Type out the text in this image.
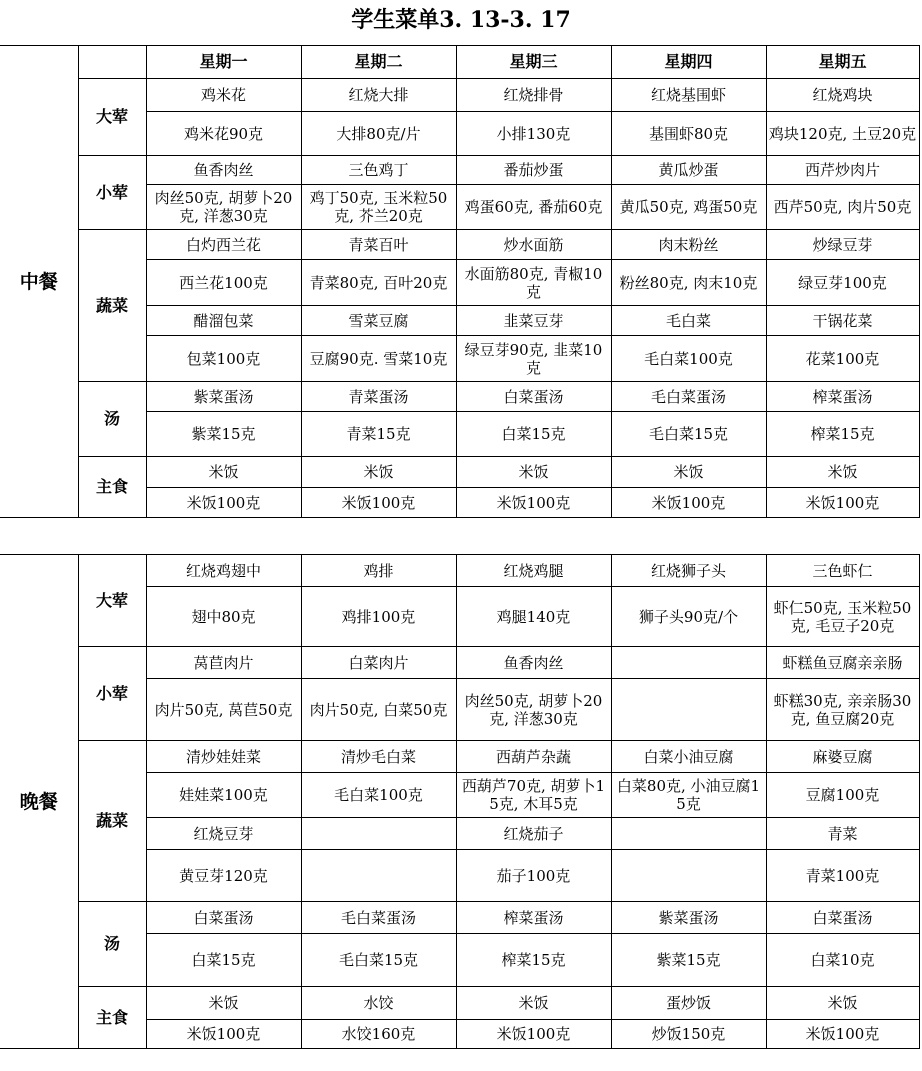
学生菜单3. 13-3. 17
中餐		星期一	星期二	星期三	星期四	星期五
	大荤	鸡米花	红烧大排	红烧排骨	红烧基围虾	红烧鸡块
		鸡米花90克	大排80克/片	小排130克	基围虾80克	鸡块120克, 土豆20克
	小荤	鱼香肉丝	三色鸡丁	番茄炒蛋	黄瓜炒蛋	西芹炒肉片
		肉丝50克, 胡萝卜20克, 洋葱30克	鸡丁50克, 玉米粒50克, 芥兰20克	鸡蛋60克, 番茄60克	黄瓜50克, 鸡蛋50克	西芹50克, 肉片50克
	蔬菜	白灼西兰花	青菜百叶	炒水面筋	肉末粉丝	炒绿豆芽
		西兰花100克	青菜80克, 百叶20克	水面筋80克, 青椒10克	粉丝80克, 肉末10克	绿豆芽100克
		醋溜包菜	雪菜豆腐	韭菜豆芽	毛白菜	干锅花菜
		包菜100克	豆腐90克. 雪菜10克	绿豆芽90克, 韭菜10克	毛白菜100克	花菜100克
	汤	紫菜蛋汤	青菜蛋汤	白菜蛋汤	毛白菜蛋汤	榨菜蛋汤
		紫菜15克	青菜15克	白菜15克	毛白菜15克	榨菜15克
	主食	米饭	米饭	米饭	米饭	米饭
		米饭100克	米饭100克	米饭100克	米饭100克	米饭100克
晚餐	大荤	红烧鸡翅中	鸡排	红烧鸡腿	红烧狮子头	三色虾仁
		翅中80克	鸡排100克	鸡腿140克	狮子头90克/个	虾仁50克, 玉米粒50克, 毛豆子20克
	小荤	莴苣肉片	白菜肉片	鱼香肉丝		虾糕鱼豆腐亲亲肠
		肉片50克, 莴苣50克	肉片50克, 白菜50克	肉丝50克, 胡萝卜20克, 洋葱30克		虾糕30克, 亲亲肠30克, 鱼豆腐20克
	蔬菜	清炒娃娃菜	清炒毛白菜	西葫芦杂蔬	白菜小油豆腐	麻婆豆腐
		娃娃菜100克	毛白菜100克	西葫芦70克, 胡萝卜15克, 木耳5克	白菜80克, 小油豆腐15克	豆腐100克
		红烧豆芽		红烧茄子		青菜
		黄豆芽120克		茄子100克		青菜100克
	汤	白菜蛋汤	毛白菜蛋汤	榨菜蛋汤	紫菜蛋汤	白菜蛋汤
		白菜15克	毛白菜15克	榨菜15克	紫菜15克	白菜10克
	主食	米饭	水饺	米饭	蛋炒饭	米饭
		米饭100克	水饺160克	米饭100克	炒饭150克	米饭100克
